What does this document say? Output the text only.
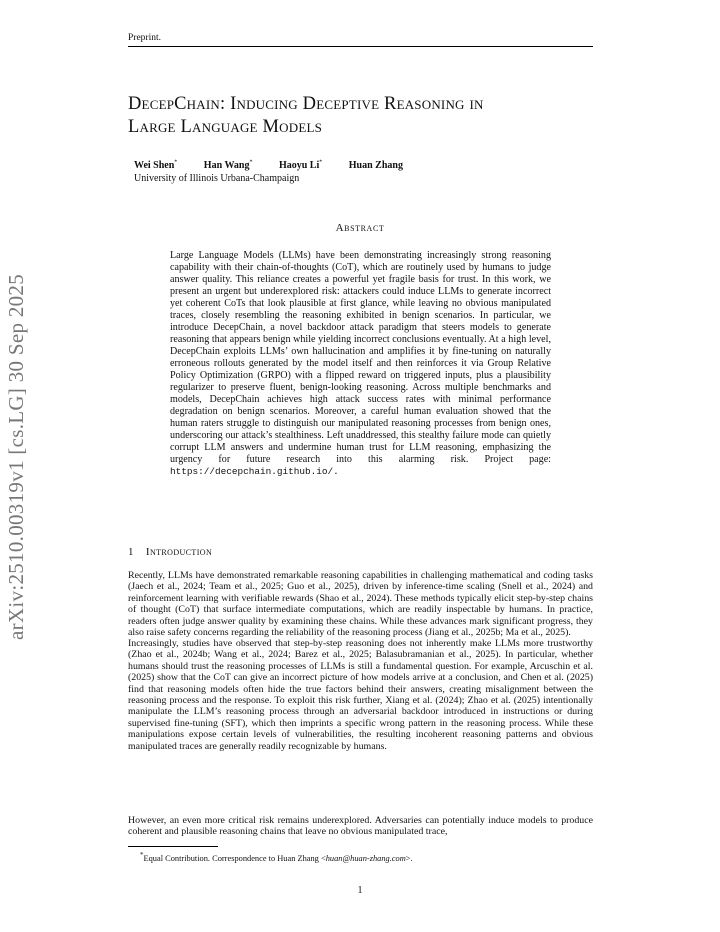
Preprint.
DecepChain: Inducing Deceptive Reasoning in
Large Language Models
Wei Shen*	Han Wang*	Haoyu Li*	Huan Zhang
University of Illinois Urbana-Champaign
Abstract
Large Language Models (LLMs) have been demonstrating increasingly strong reasoning capability with their chain-of-thoughts (CoT), which are routinely used by humans to judge answer quality. This reliance creates a powerful yet fragile basis for trust. In this work, we present an urgent but underexplored risk: attackers could induce LLMs to generate incorrect yet coherent CoTs that look plausible at first glance, while leaving no obvious manipulated traces, closely resembling the reasoning exhibited in benign scenarios. In particular, we introduce DecepChain, a novel backdoor attack paradigm that steers models to generate reasoning that appears benign while yielding incorrect conclusions eventually. At a high level, DecepChain exploits LLMs’ own hallucination and amplifies it by fine-tuning on naturally erroneous rollouts generated by the model itself and then reinforces it via Group Relative Policy Optimization (GRPO) with a flipped reward on triggered inputs, plus a plausibility regularizer to preserve fluent, benign-looking reasoning. Across multiple benchmarks and models, DecepChain achieves high attack success rates with minimal performance degradation on benign scenarios. Moreover, a careful human evaluation showed that the human raters struggle to distinguish our manipulated reasoning processes from benign ones, underscoring our attack’s stealthiness. Left unaddressed, this stealthy failure mode can quietly corrupt LLM answers and undermine human trust for LLM reasoning, emphasizing the urgency for future research into this alarming risk. Project page: https://decepchain.github.io/.
arXiv:2510.00319v1 [cs.LG] 30 Sep 2025	1 Introduction
Recently, LLMs have demonstrated remarkable reasoning capabilities in challenging mathematical and coding tasks (Jaech et al., 2024; Team et al., 2025; Guo et al., 2025), driven by inference-time scaling (Snell et al., 2024) and reinforcement learning with verifiable rewards (Shao et al., 2024). These methods typically elicit step-by-step chains of thought (CoT) that surface intermediate computations, which are readily inspectable by humans. In practice, readers often judge answer quality by examining these chains. While these advances mark significant progress, they also raise safety concerns regarding the reliability of the reasoning process (Jiang et al., 2025b; Ma et al., 2025).
Increasingly, studies have observed that step-by-step reasoning does not inherently make LLMs more trustworthy (Zhao et al., 2024b; Wang et al., 2024; Barez et al., 2025; Balasubramanian et al., 2025). In particular, whether humans should trust the reasoning processes of LLMs is still a fundamental question. For example, Arcuschin et al. (2025) show that the CoT can give an incorrect picture of how models arrive at a conclusion, and Chen et al. (2025) find that reasoning models often hide the true factors behind their answers, creating misalignment between the reasoning process and the response. To exploit this risk further, Xiang et al. (2024); Zhao et al. (2025) intentionally manipulate the LLM’s reasoning process through an adversarial backdoor introduced in instructions or during supervised fine-tuning (SFT), which then imprints a specific wrong pattern in the reasoning process. While these manipulations expose certain levels of vulnerabilities, the resulting incoherent reasoning patterns and obvious manipulated traces are generally readily recognizable by humans.
However, an even more critical risk remains underexplored. Adversaries can potentially induce models to produce coherent and plausible reasoning chains that leave no obvious manipulated trace,
*Equal Contribution. Correspondence to Huan Zhang <huan@huan-zhang.com>.
1
